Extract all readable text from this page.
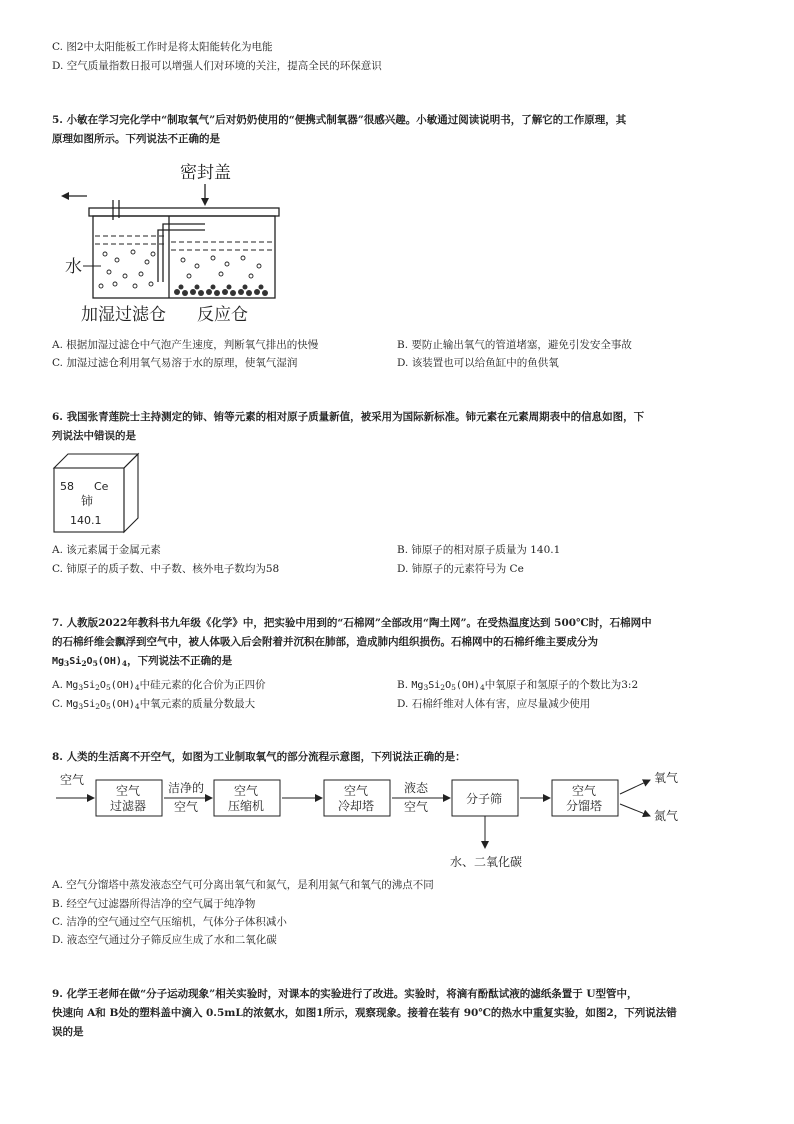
C. 图2中太阳能板工作时是将太阳能转化为电能
D. 空气质量指数日报可以增强人们对环境的关注，提高全民的环保意识
5. 小敏在学习完化学中“制取氧气”后对奶奶使用的“便携式制氧器”很感兴趣。小敏通过阅读说明书，了解它的工作原理，其
原理如图所示。下列说法不正确的是
密封盖
水
加湿过滤仓 反应仓
A. 根据加湿过滤仓中气泡产生速度，判断氧气排出的快慢	B. 要防止输出氧气的管道堵塞，避免引发安全事故
C. 加湿过滤仓利用氧气易溶于水的原理，使氧气湿润	D. 该装置也可以给鱼缸中的鱼供氧
6. 我国张青莲院士主持测定的铈、铕等元素的相对原子质量新值，被采用为国际新标准。铈元素在元素周期表中的信息如图，下
列说法中错误的是
58 Ce
铈
140.1
A. 该元素属于金属元素	B. 铈原子的相对原子质量为 140.1
C. 铈原子的质子数、中子数、核外电子数均为58	D. 铈原子的元素符号为 Ce
7. 人教版2022年教科书九年级《化学》中，把实验中用到的“石棉网”全部改用“陶土网”。在受热温度达到 500℃时，石棉网中
的石棉纤维会飘浮到空气中，被人体吸入后会附着并沉积在肺部，造成肺内组织损伤。石棉网中的石棉纤维主要成分为
$Mg_3Si_2O_5(OH)_4$，下列说法不正确的是
A. $Mg_3Si_2O_5(OH)_4$中硅元素的化合价为正四价	B. $Mg_3Si_2O_5(OH)_4$中氧原子和氢原子的个数比为3:2
C. $Mg_3Si_2O_5(OH)_4$中氧元素的质量分数最大	D. 石棉纤维对人体有害，应尽量减少使用
8. 人类的生活离不开空气，如图为工业制取氧气的部分流程示意图，下列说法正确的是：
空气
空气
过滤器
洁净的
空气
空气
压缩机
空气
冷却塔
液态
空气
分子筛
空气
分馏塔
氧气
氮气
水、二氧化碳
A. 空气分馏塔中蒸发液态空气可分离出氧气和氮气，是利用氮气和氧气的沸点不同
B. 经空气过滤器所得洁净的空气属于纯净物
C. 洁净的空气通过空气压缩机，气体分子体积减小
D. 液态空气通过分子筛反应生成了水和二氧化碳
9. 化学王老师在做“分子运动现象”相关实验时，对课本的实验进行了改进。实验时，将滴有酚酞试液的滤纸条置于 U型管中，
快速向 A和 B处的塑料盖中滴入 0.5mL的浓氨水，如图1所示，观察现象。接着在装有 90℃的热水中重复实验，如图2，下列说法错
误的是
